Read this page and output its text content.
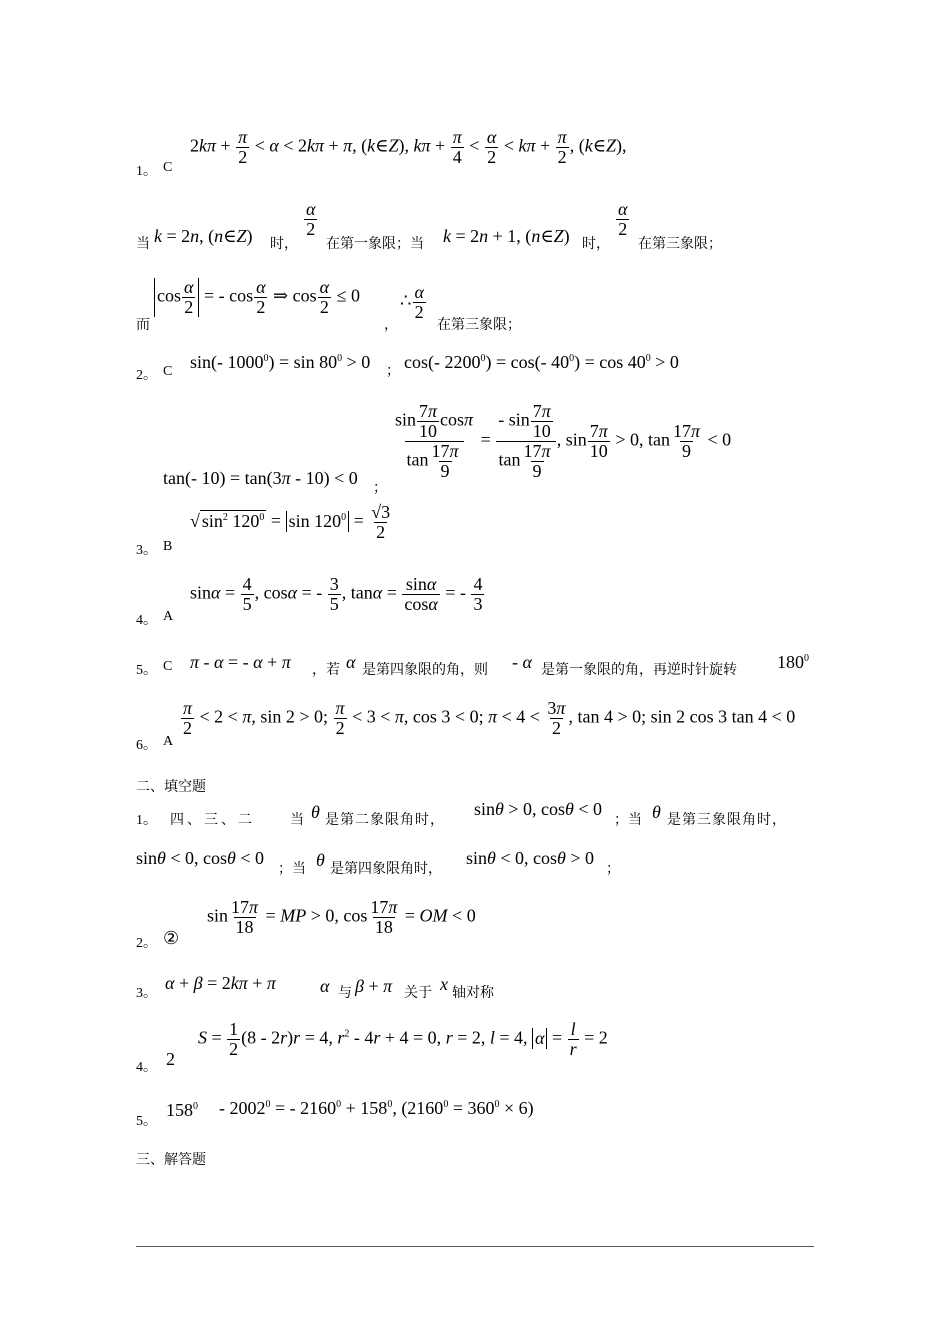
1。 C
$2k\pi + \frac{\pi}{2} < \alpha < 2k\pi + \pi$, (k∈Z), $k\pi + \frac{\pi}{4} < \frac{\alpha}{2} < k\pi + \frac{\pi}{2}$ , (k∈Z),
当 k = 2n, (n∈Z) 时，
$\frac{\alpha}{2}$
在第一象限；当 k = 2n + 1, (n∈Z) 时，
$\frac{\alpha}{2}$
在第三象限；
而
$\cos \frac{\alpha}{2}$ = - $\cos \frac{\alpha}{2}$ ⇒ $\cos \frac{\alpha}{2} \le 0$
，
∴ $\frac{\alpha}{2}$
在第三象限；
2。 C sin(- $1000^0) = \sin 80^0 > 0$ ； cos(- $2200^0) = \cos(-$ $40^0) = \cos 40^0 > 0$
tan(- 10) = tan(3π - 10) < 0
；
$\frac{\sin \frac{7\pi}{10} \cos\pi}{\tan \frac{17\pi}{9}} = \frac{- \sin \frac{7\pi}{10}}{\tan \frac{17\pi}{9}}$ , $\sin \frac{7\pi}{10} > 0$, $\tan \frac{17\pi}{9} < 0$
3。 B
√ $\sin^2 120^0 = \sin 120^0 = \frac{√3}{2}$
4。 A
$\sin\alpha = \frac{4}{5}$ , cosα = - $\frac{3}{5}$ , $\tan\alpha = \frac{\sin\alpha}{\cos\alpha}$ = - $\frac{4}{3}$
5。 C π - α = - α + π ，若 α 是第四象限的角，则 - α 是第一象限的角，再逆时针旋转 $180^0$
6。 A
$\frac{\pi}{2} < 2 < \pi$, sin 2 > 0; $\frac{\pi}{2} < 3 < \pi$, cos 3 < 0; $\pi < 4 < \frac{3\pi}{2}$ , tan 4 > 0; sin 2 cos 3 tan 4 < 0
二、填空题
1。 四、三、二	当 θ 是第二象限角时，
sinθ > 0, cosθ < 0
；当 θ 是第三象限角时，
sinθ < 0, cosθ < 0
；当 θ 是第四象限角时，
sinθ < 0, cosθ > 0
；
2。 ②
$\sin \frac{17\pi}{18}$ = MP > 0, $\cos \frac{17\pi}{18}$ = OM < 0
3。
α + β = 2kπ + π α 与 β + π 关于 x 轴对称
4。 2
$S = \frac{1}{2} (8 - 2r)r = 4$, $r^2 - 4r + 4 = 0$, r = 2, l = 4, $\alpha = \frac{l}{r} = 2$
5。
$158^0 - 2002^0$ = - $2160^0 + 158^0$, $(2160^0 = 360^0 \times 6)$
三、解答题
